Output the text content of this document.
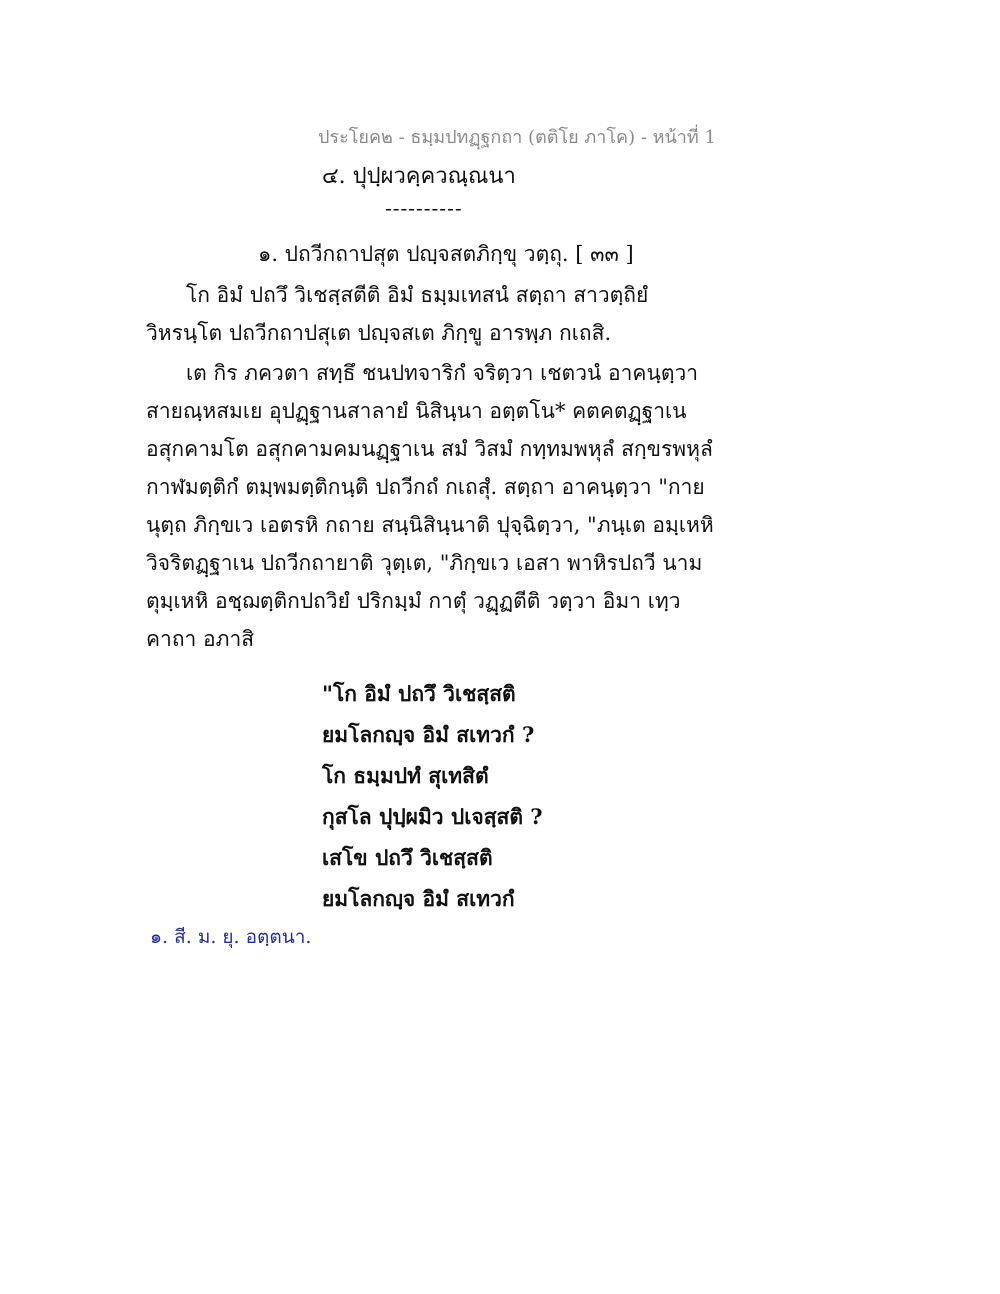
ประโยค๒ - ธมฺมปทฏฺฐกถา (ตติโย ภาโค) - หน้าที่ 1
๔. ปุปฺผวคฺควณฺณนา
----------
๑. ปถวีกถาปสุต ปญฺจสตภิกฺขุ วตฺถุ. [ ๓๓ ]
โก อิมํ ปถวึ วิเชสฺสตีติ อิมํ ธมฺมเทสนํ สตฺถา สาวตฺถิยํ
วิหรนฺโต ปถวีกถาปสุเต ปญฺจสเต ภิกฺขู อารพฺภ กเถสิ.
เต กิร ภควตา สทฺธึ ชนปทจาริกํ จริตฺวา เชตวนํ อาคนฺตฺวา
สายณฺหสมเย อุปฏฺฐานสาลายํ นิสินฺนา อตฺตโน* คตคตฏฺฐาเน
อสุกคามโต อสุกคามคมนฏฺฐาเน สมํ วิสมํ กทฺทมพหุลํ สกฺขรพหุลํ
กาฬมตฺติกํ ตมฺพมตฺติกนฺติ ปถวีกถํ กเถสุํ. สตฺถา อาคนฺตฺวา "กาย
นุตฺถ ภิกฺขเว เอตรหิ กถาย สนฺนิสินฺนาติ ปุจฺฉิตฺวา, "ภนฺเต อมฺเหหิ
วิจริตฏฺฐาเน ปถวีกถายาติ วุตฺเต, "ภิกฺขเว เอสา พาหิรปถวี นาม
ตุมฺเหหิ อชฺฌตฺติกปถวิยํ ปริกมฺมํ กาตุํ วฏฺฏตีติ วตฺวา อิมา เทฺว
คาถา อภาสิ
"โก อิมํ ปถวึ วิเชสฺสติ
ยมโลกญฺจ อิมํ สเทวกํ ?
โก ธมฺมปทํ สุเทสิตํ
กุสโล ปุปฺผมิว ปเจสฺสติ ?
เสโข ปถวึ วิเชสฺสติ
ยมโลกญฺจ อิมํ สเทวกํ
๑. สี. ม. ยุ. อตฺตนา.
